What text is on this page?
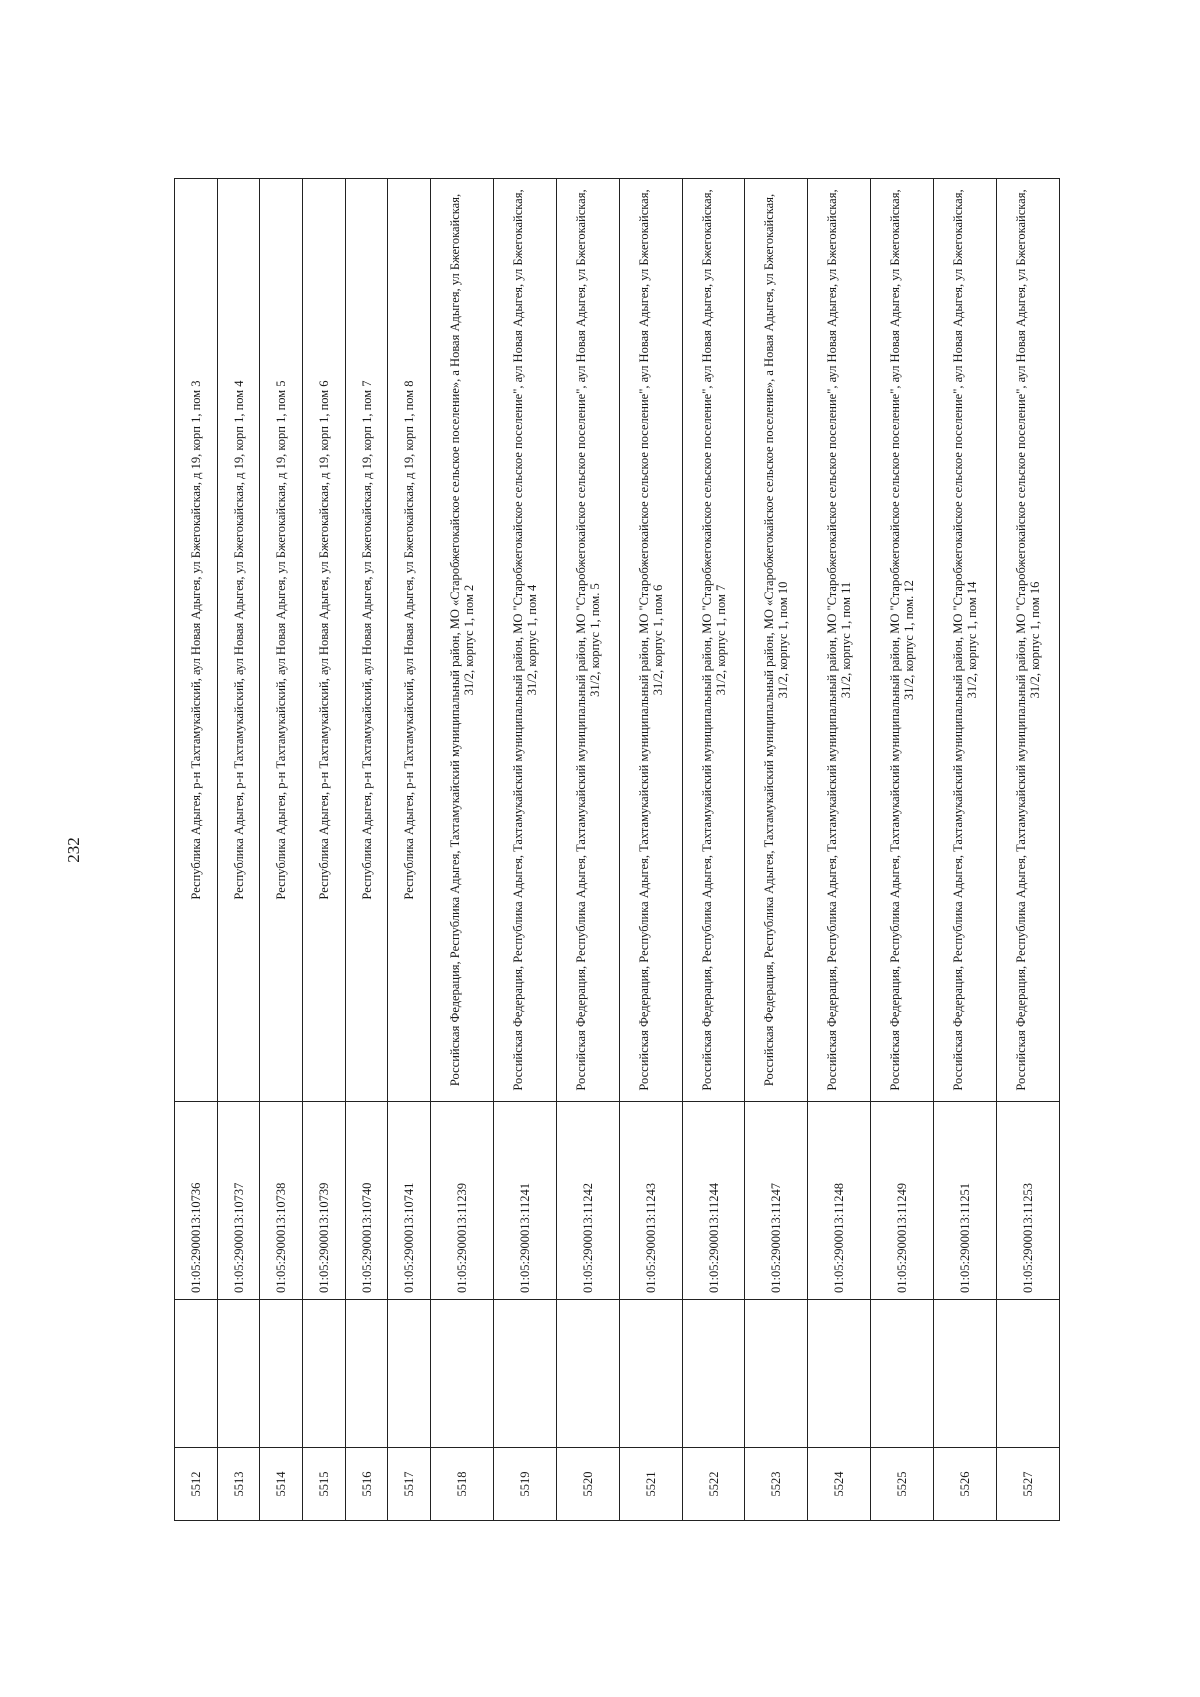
232
5512		01:05:2900013:10736	Республика Адыгея, р-н Тахтамукайский, аул Новая Адыгея, ул Бжегокайская, д 19, корп 1, пом 3
5513		01:05:2900013:10737	Республика Адыгея, р-н Тахтамукайский, аул Новая Адыгея, ул Бжегокайская, д 19, корп 1, пом 4
5514		01:05:2900013:10738	Республика Адыгея, р-н Тахтамукайский, аул Новая Адыгея, ул Бжегокайская, д 19, корп 1, пом 5
5515		01:05:2900013:10739	Республика Адыгея, р-н Тахтамукайский, аул Новая Адыгея, ул Бжегокайская, д 19, корп 1, пом 6
5516		01:05:2900013:10740	Республика Адыгея, р-н Тахтамукайский, аул Новая Адыгея, ул Бжегокайская, д 19, корп 1, пом 7
5517		01:05:2900013:10741	Республика Адыгея, р-н Тахтамукайский, аул Новая Адыгея, ул Бжегокайская, д 19, корп 1, пом 8
5518		01:05:2900013:11239	Российская Федерация, Республика Адыгея, Тахтамукайский муниципальный район, МО «Старобжегокайское сельское поселение», а Новая Адыгея, ул Бжегокайская, 31/2, корпус 1, пом 2
5519		01:05:2900013:11241	Российская Федерация, Республика Адыгея, Тахтамукайский муниципальный район, МО "Старобжегокайское сельское поселение", аул Новая Адыгея, ул Бжегокайская, 31/2, корпус 1, пом 4
5520		01:05:2900013:11242	Российская Федерация, Республика Адыгея, Тахтамукайский муниципальный район, МО "Старобжегокайское сельское поселение", аул Новая Адыгея, ул Бжегокайская, 31/2, корпус 1, пом. 5
5521		01:05:2900013:11243	Российская Федерация, Республика Адыгея, Тахтамукайский муниципальный район, МО "Старобжегокайское сельское поселение", аул Новая Адыгея, ул Бжегокайская, 31/2, корпус 1, пом 6
5522		01:05:2900013:11244	Российская Федерация, Республика Адыгея, Тахтамукайский муниципальный район, МО "Старобжегокайское сельское поселение", аул Новая Адыгея, ул Бжегокайская, 31/2, корпус 1, пом 7
5523		01:05:2900013:11247	Российская Федерация, Республика Адыгея, Тахтамукайский муниципальный район, МО «Старобжегокайское сельское поселение», а Новая Адыгея, ул Бжегокайская, 31/2, корпус 1, пом 10
5524		01:05:2900013:11248	Российская Федерация, Республика Адыгея, Тахтамукайский муниципальный район, МО "Старобжегокайское сельское поселение", аул Новая Адыгея, ул Бжегокайская, 31/2, корпус 1, пом 11
5525		01:05:2900013:11249	Российская Федерация, Республика Адыгея, Тахтамукайский муниципальный район, МО "Старобжегокайское сельское поселение", аул Новая Адыгея, ул Бжегокайская, 31/2, корпус 1, пом. 12
5526		01:05:2900013:11251	Российская Федерация, Республика Адыгея, Тахтамукайский муниципальный район, МО "Старобжегокайское сельское поселение", аул Новая Адыгея, ул Бжегокайская, 31/2, корпус 1, пом 14
5527		01:05:2900013:11253	Российская Федерация, Республика Адыгея, Тахтамукайский муниципальный район, МО "Старобжегокайское сельское поселение", аул Новая Адыгея, ул Бжегокайская, 31/2, корпус 1, пом 16
